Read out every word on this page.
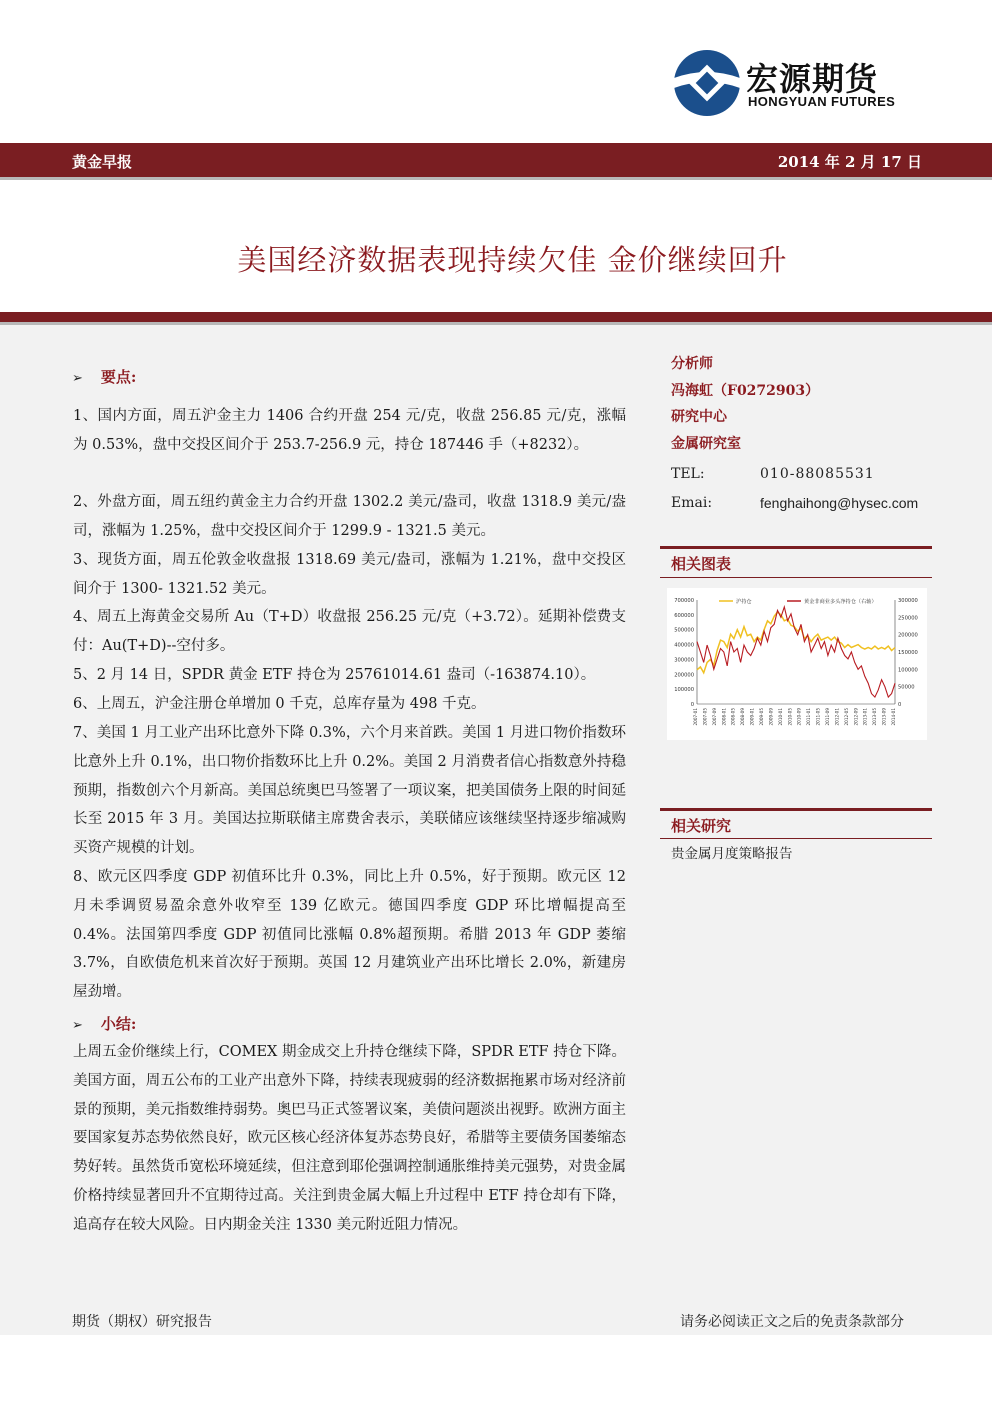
宏源期货
HONGYUAN FUTURES
黄金早报	2014 年 2 月 17 日
美国经济数据表现持续欠佳 金价继续回升
➢ 要点:
1、国内方面，周五沪金主力 1406 合约开盘 254 元/克，收盘 256.85 元/克，涨幅为 0.53%，盘中交投区间介于 253.7-256.9 元，持仓 187446 手（+8232）。
2、外盘方面，周五纽约黄金主力合约开盘 1302.2 美元/盎司，收盘 1318.9 美元/盎司，涨幅为 1.25%，盘中交投区间介于 1299.9 - 1321.5 美元。
3、现货方面，周五伦敦金收盘报 1318.69 美元/盎司，涨幅为 1.21%，盘中交投区间介于 1300- 1321.52 美元。
4、周五上海黄金交易所 Au（T+D）收盘报 256.25 元/克（+3.72）。延期补偿费支付：Au(T+D)--空付多。
5、2 月 14 日，SPDR 黄金 ETF 持仓为 25761014.61 盎司（-163874.10）。
6、上周五，沪金注册仓单增加 0 千克，总库存量为 498 千克。
7、美国 1 月工业产出环比意外下降 0.3%，六个月来首跌。美国 1 月进口物价指数环比意外上升 0.1%，出口物价指数环比上升 0.2%。美国 2 月消费者信心指数意外持稳预期，指数创六个月新高。美国总统奥巴马签署了一项议案，把美国债务上限的时间延长至 2015 年 3 月。美国达拉斯联储主席费舍表示，美联储应该继续坚持逐步缩减购买资产规模的计划。
8、欧元区四季度 GDP 初值环比升 0.3%，同比上升 0.5%，好于预期。欧元区 12 月未季调贸易盈余意外收窄至 139 亿欧元。德国四季度 GDP 环比增幅提高至 0.4%。法国第四季度 GDP 初值同比涨幅 0.8%超预期。希腊 2013 年 GDP 萎缩 3.7%，自欧债危机来首次好于预期。英国 12 月建筑业产出环比增长 2.0%，新建房屋劲增。
➢ 小结:
上周五金价继续上行，COMEX 期金成交上升持仓继续下降，SPDR ETF 持仓下降。美国方面，周五公布的工业产出意外下降，持续表现疲弱的经济数据拖累市场对经济前景的预期，美元指数维持弱势。奥巴马正式签署议案，美债问题淡出视野。欧洲方面主要国家复苏态势依然良好，欧元区核心经济体复苏态势良好，希腊等主要债务国萎缩态势好转。虽然货币宽松环境延续，但注意到耶伦强调控制通胀维持美元强势，对贵金属价格持续显著回升不宜期待过高。关注到贵金属大幅上升过程中 ETF 持仓却有下降，追高存在较大风险。日内期金关注 1330 美元附近阻力情况。
分析师
冯海虹（F0272903）
研究中心
金属研究室
TEL:	010-88085531
Emai:	fenghaihong@hysec.com
相关图表
700000
600000
500000
400000
300000
200000
100000
0
300000
250000
200000
150000
100000
50000
0
2007-01 2007-05 2007-09 2008-01 2008-05 2008-09 2009-01 2009-05 2009-09 2010-01 2010-05 2010-09 2011-01 2011-05 2011-09 2012-01 2012-05 2012-09 2013-01 2013-05 2013-09 2014-01
沪持仓	黄金非商业多头净持仓（右轴）
相关研究
贵金属月度策略报告
期货（期权）研究报告	请务必阅读正文之后的免责条款部分
